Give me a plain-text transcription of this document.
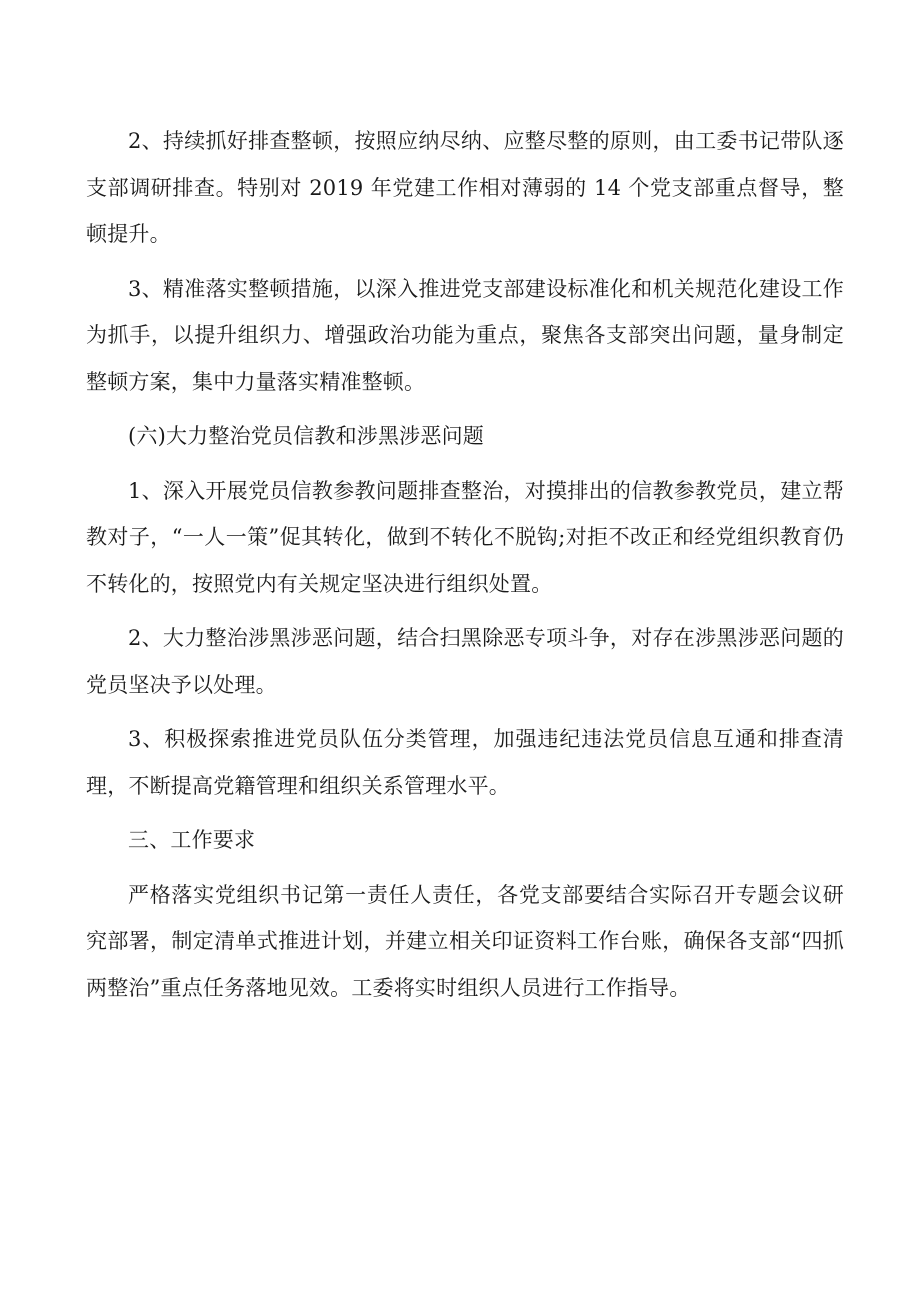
2、持续抓好排查整顿，按照应纳尽纳、应整尽整的原则，由工委书记带队逐支部调研排查。特别对 2019 年党建工作相对薄弱的 14 个党支部重点督导，整顿提升。

3、精准落实整顿措施，以深入推进党支部建设标准化和机关规范化建设工作为抓手，以提升组织力、增强政治功能为重点，聚焦各支部突出问题，量身制定整顿方案，集中力量落实精准整顿。

(六)大力整治党员信教和涉黑涉恶问题

1、深入开展党员信教参教问题排查整治，对摸排出的信教参教党员，建立帮教对子，“一人一策”促其转化，做到不转化不脱钩;对拒不改正和经党组织教育仍不转化的，按照党内有关规定坚决进行组织处置。

2、大力整治涉黑涉恶问题，结合扫黑除恶专项斗争，对存在涉黑涉恶问题的党员坚决予以处理。

3、积极探索推进党员队伍分类管理，加强违纪违法党员信息互通和排查清理，不断提高党籍管理和组织关系管理水平。

三、工作要求

严格落实党组织书记第一责任人责任，各党支部要结合实际召开专题会议研究部署，制定清单式推进计划，并建立相关印证资料工作台账，确保各支部“四抓两整治”重点任务落地见效。工委将实时组织人员进行工作指导。
